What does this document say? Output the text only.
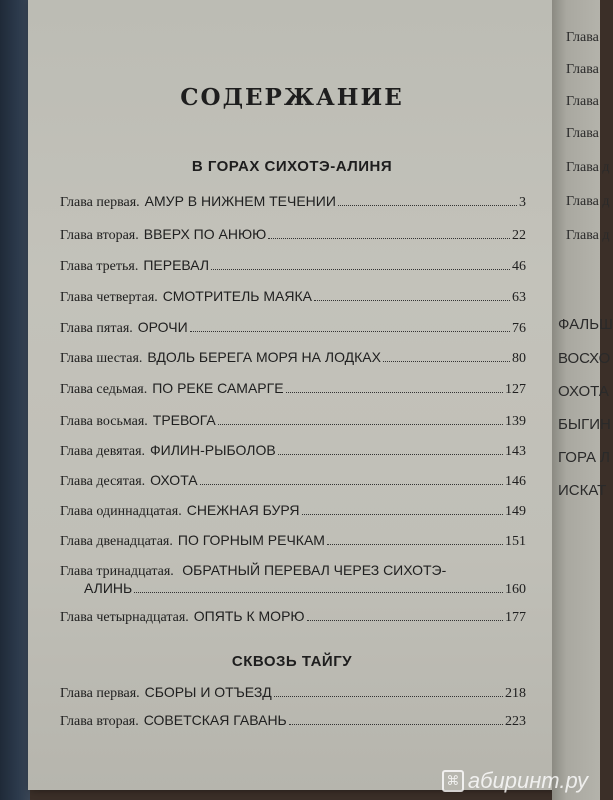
СОДЕРЖАНИЕ
В ГОРАХ СИХОТЭ-АЛИНЯ
Глава первая. АМУР В НИЖНЕМ ТЕЧЕНИИ	3
Глава вторая. ВВЕРХ ПО АНЮЮ	22
Глава третья. ПЕРЕВАЛ	46
Глава четвертая. СМОТРИТЕЛЬ МАЯКА	63
Глава пятая. ОРОЧИ	76
Глава шестая. ВДОЛЬ БЕРЕГА МОРЯ НА ЛОДКАХ	80
Глава седьмая. ПО РЕКЕ САМАРГЕ	127
Глава восьмая. ТРЕВОГА	139
Глава девятая. ФИЛИН-РЫБОЛОВ	143
Глава десятая. ОХОТА	146
Глава одиннадцатая. СНЕЖНАЯ БУРЯ	149
Глава двенадцатая. ПО ГОРНЫМ РЕЧКАМ	151
Глава тринадцатая. ОБРАТНЫЙ ПЕРЕВАЛ ЧЕРЕЗ СИХОТЭ-
АЛИНЬ	160
Глава четырнадцатая. ОПЯТЬ К МОРЮ	177
СКВОЗЬ ТАЙГУ
Глава первая. СБОРЫ И ОТЪЕЗД	218
Глава вторая. СОВЕТСКАЯ ГАВАНЬ	223
Глава
Глава
Глава
Глава
Глава д
Глава д
Глава д
ФАЛЬШ
ВОСХО
ОХОТА
БЫГИН
ГОРА Л
ИСКАТ
⌘ абиринт.ру
